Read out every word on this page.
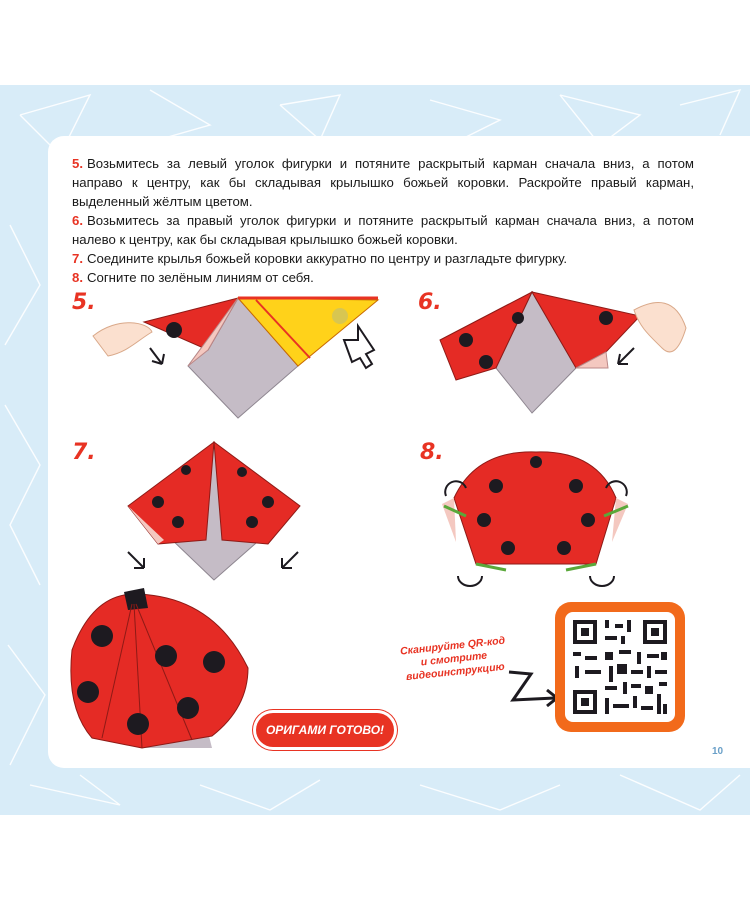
5. Возьмитесь за левый уголок фигурки и потяните раскрытый карман сначала вниз, а потом направо к центру, как бы складывая крылышко божьей коровки. Раскройте правый карман, выделенный жёлтым цветом.

6. Возьмитесь за правый уголок фигурки и потяните раскрытый карман сначала вниз, а потом налево к центру, как бы складывая крылышко божьей коровки.

7. Соедините крылья божьей коровки аккуратно по центру и разгладьте фигурку.

8. Согните по зелёным линиям от себя.

5.	6.
7.	8.
ОРИГАМИ ГОТОВО!
Сканируйте QR-код и смотрите видеоинструкцию
10
